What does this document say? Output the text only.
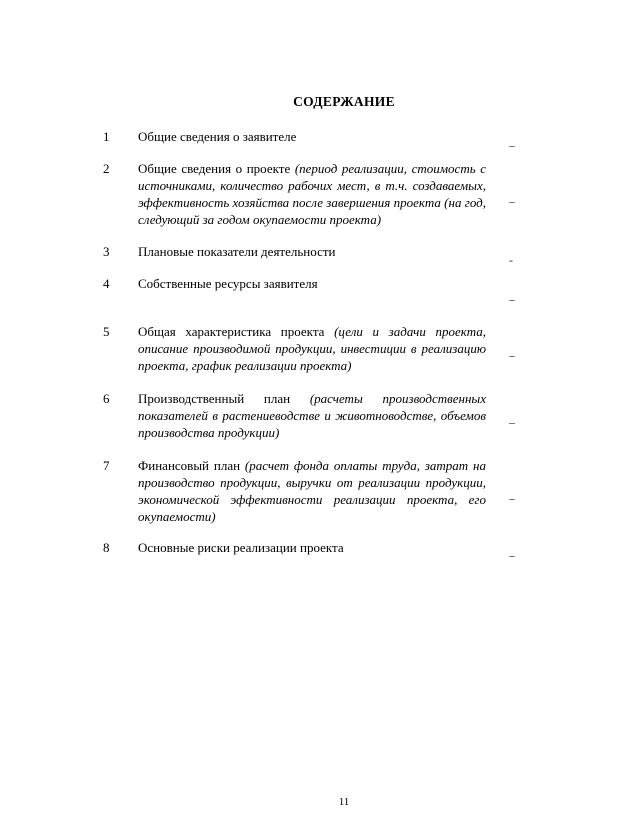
СОДЕРЖАНИЕ
1 Общие сведения о заявителе
–
2 Общие сведения о проекте (период реализации, стоимость с источниками, количество рабочих мест, в т.ч. создаваемых, эффективность хозяйства после завершения проекта (на год, следующий за годом окупаемости проекта)
–
3 Плановые показатели деятельности
-
4 Собственные ресурсы заявителя
–
5 Общая характеристика проекта (цели и задачи проекта, описание производимой продукции, инвестиции в реализацию проекта, график реализации проекта)
–
6 Производственный план (расчеты производственных показателей в растениеводстве и животноводстве, объемов производства продукции)
–
7 Финансовый план (расчет фонда оплаты труда, затрат на производство продукции, выручки от реализации продукции, экономической эффективности реализации проекта, его окупаемости)
–
8 Основные риски реализации проекта	–
11
